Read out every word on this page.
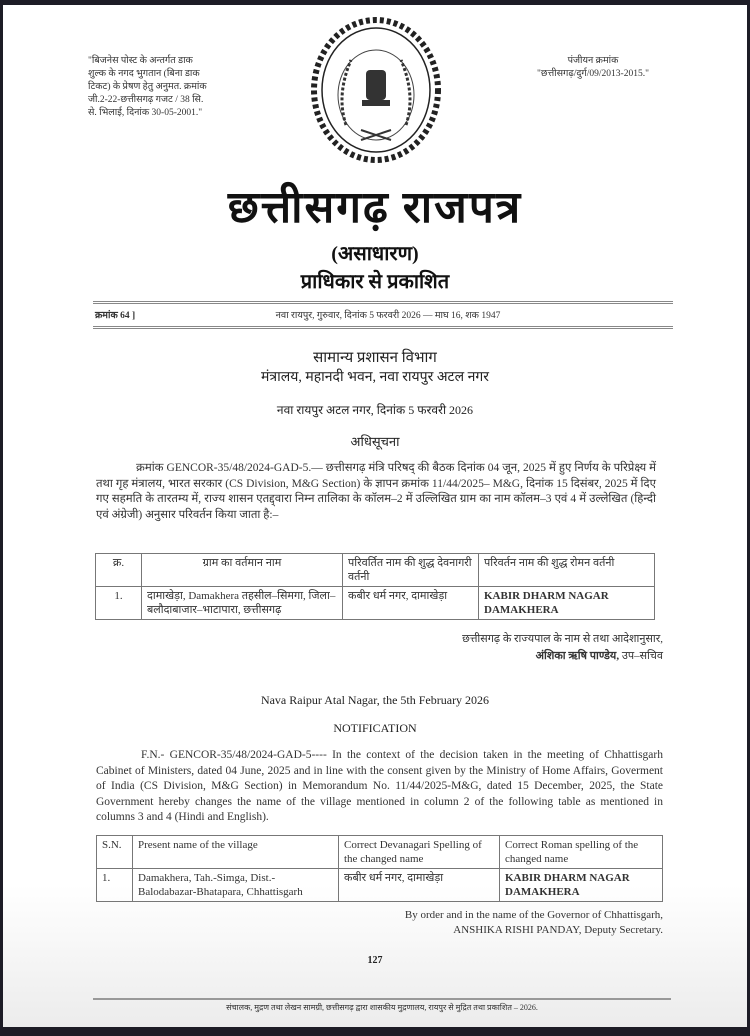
"बिजनेस पोस्ट के अन्तर्गत डाक शुल्क के नगद भुगतान (बिना डाक टिकट) के प्रेषण हेतु अनुमत. क्रमांक जी.2-22-छत्तीसगढ़ गजट / 38 सि. से. भिलाई, दिनांक 30-05-2001."
पंजीयन क्रमांक
"छत्तीसगढ़/दुर्ग/09/2013-2015."
छत्तीसगढ़ राजपत्र
(असाधारण)
प्राधिकार से प्रकाशित
क्रमांक 64 ]	नवा रायपुर, गुरुवार, दिनांक 5 फरवरी 2026 — माघ 16, शक 1947
सामान्य प्रशासन विभाग
मंत्रालय, महानदी भवन, नवा रायपुर अटल नगर
नवा रायपुर अटल नगर, दिनांक 5 फरवरी 2026
अधिसूचना
क्रमांक GENCOR-35/48/2024-GAD-5.— छत्तीसगढ़ मंत्रि परिषद् की बैठक दिनांक 04 जून, 2025 में हुए निर्णय के परिप्रेक्ष्य में तथा गृह मंत्रालय, भारत सरकार (CS Division, M&G Section) के ज्ञापन क्रमांक 11/44/2025– M&G, दिनांक 15 दिसंबर, 2025 में दिए गए सहमति के तारतम्य में, राज्य शासन एतद्द्वारा निम्न तालिका के कॉलम–2 में उल्लिखित ग्राम का नाम कॉलम–3 एवं 4 में उल्लेखित (हिन्दी एवं अंग्रेजी) अनुसार परिवर्तन किया जाता है:–
क्र.	ग्राम का वर्तमान नाम	परिवर्तित नाम की शुद्ध देवनागरी वर्तनी	परिवर्तन नाम की शुद्ध रोमन वर्तनी
1.	दामाखेड़ा, Damakhera तहसील–सिमगा, जिला–बलौदाबाजार–भाटापारा, छत्तीसगढ़	कबीर धर्म नगर, दामाखेड़ा	KABIR DHARM NAGAR DAMAKHERA
छत्तीसगढ़ के राज्यपाल के नाम से तथा आदेशानुसार,
अंशिका ऋषि पाण्डेय, उप–सचिव
Nava Raipur Atal Nagar, the 5th February 2026
NOTIFICATION
F.N.- GENCOR-35/48/2024-GAD-5---- In the context of the decision taken in the meeting of Chhattisgarh Cabinet of Ministers, dated 04 June, 2025 and in line with the consent given by the Ministry of Home Affairs, Goverment of India (CS Division, M&G Section) in Memorandum No. 11/44/2025-M&G, dated 15 December, 2025, the State Government hereby changes the name of the village mentioned in column 2 of the following table as mentioned in columns 3 and 4 (Hindi and English).
S.N.	Present name of the village	Correct Devanagari Spelling of the changed name	Correct Roman spelling of the changed name
1.	Damakhera, Tah.-Simga, Dist.-Balodabazar-Bhatapara, Chhattisgarh	कबीर धर्म नगर, दामाखेड़ा	KABIR DHARM NAGAR DAMAKHERA
By order and in the name of the Governor of Chhattisgarh,
ANSHIKA RISHI PANDAY, Deputy Secretary.
127
संचालक, मुद्रण तथा लेखन सामग्री, छत्तीसगढ़ द्वारा शासकीय मुद्रणालय, रायपुर से मुद्रित तथा प्रकाशित – 2026.
